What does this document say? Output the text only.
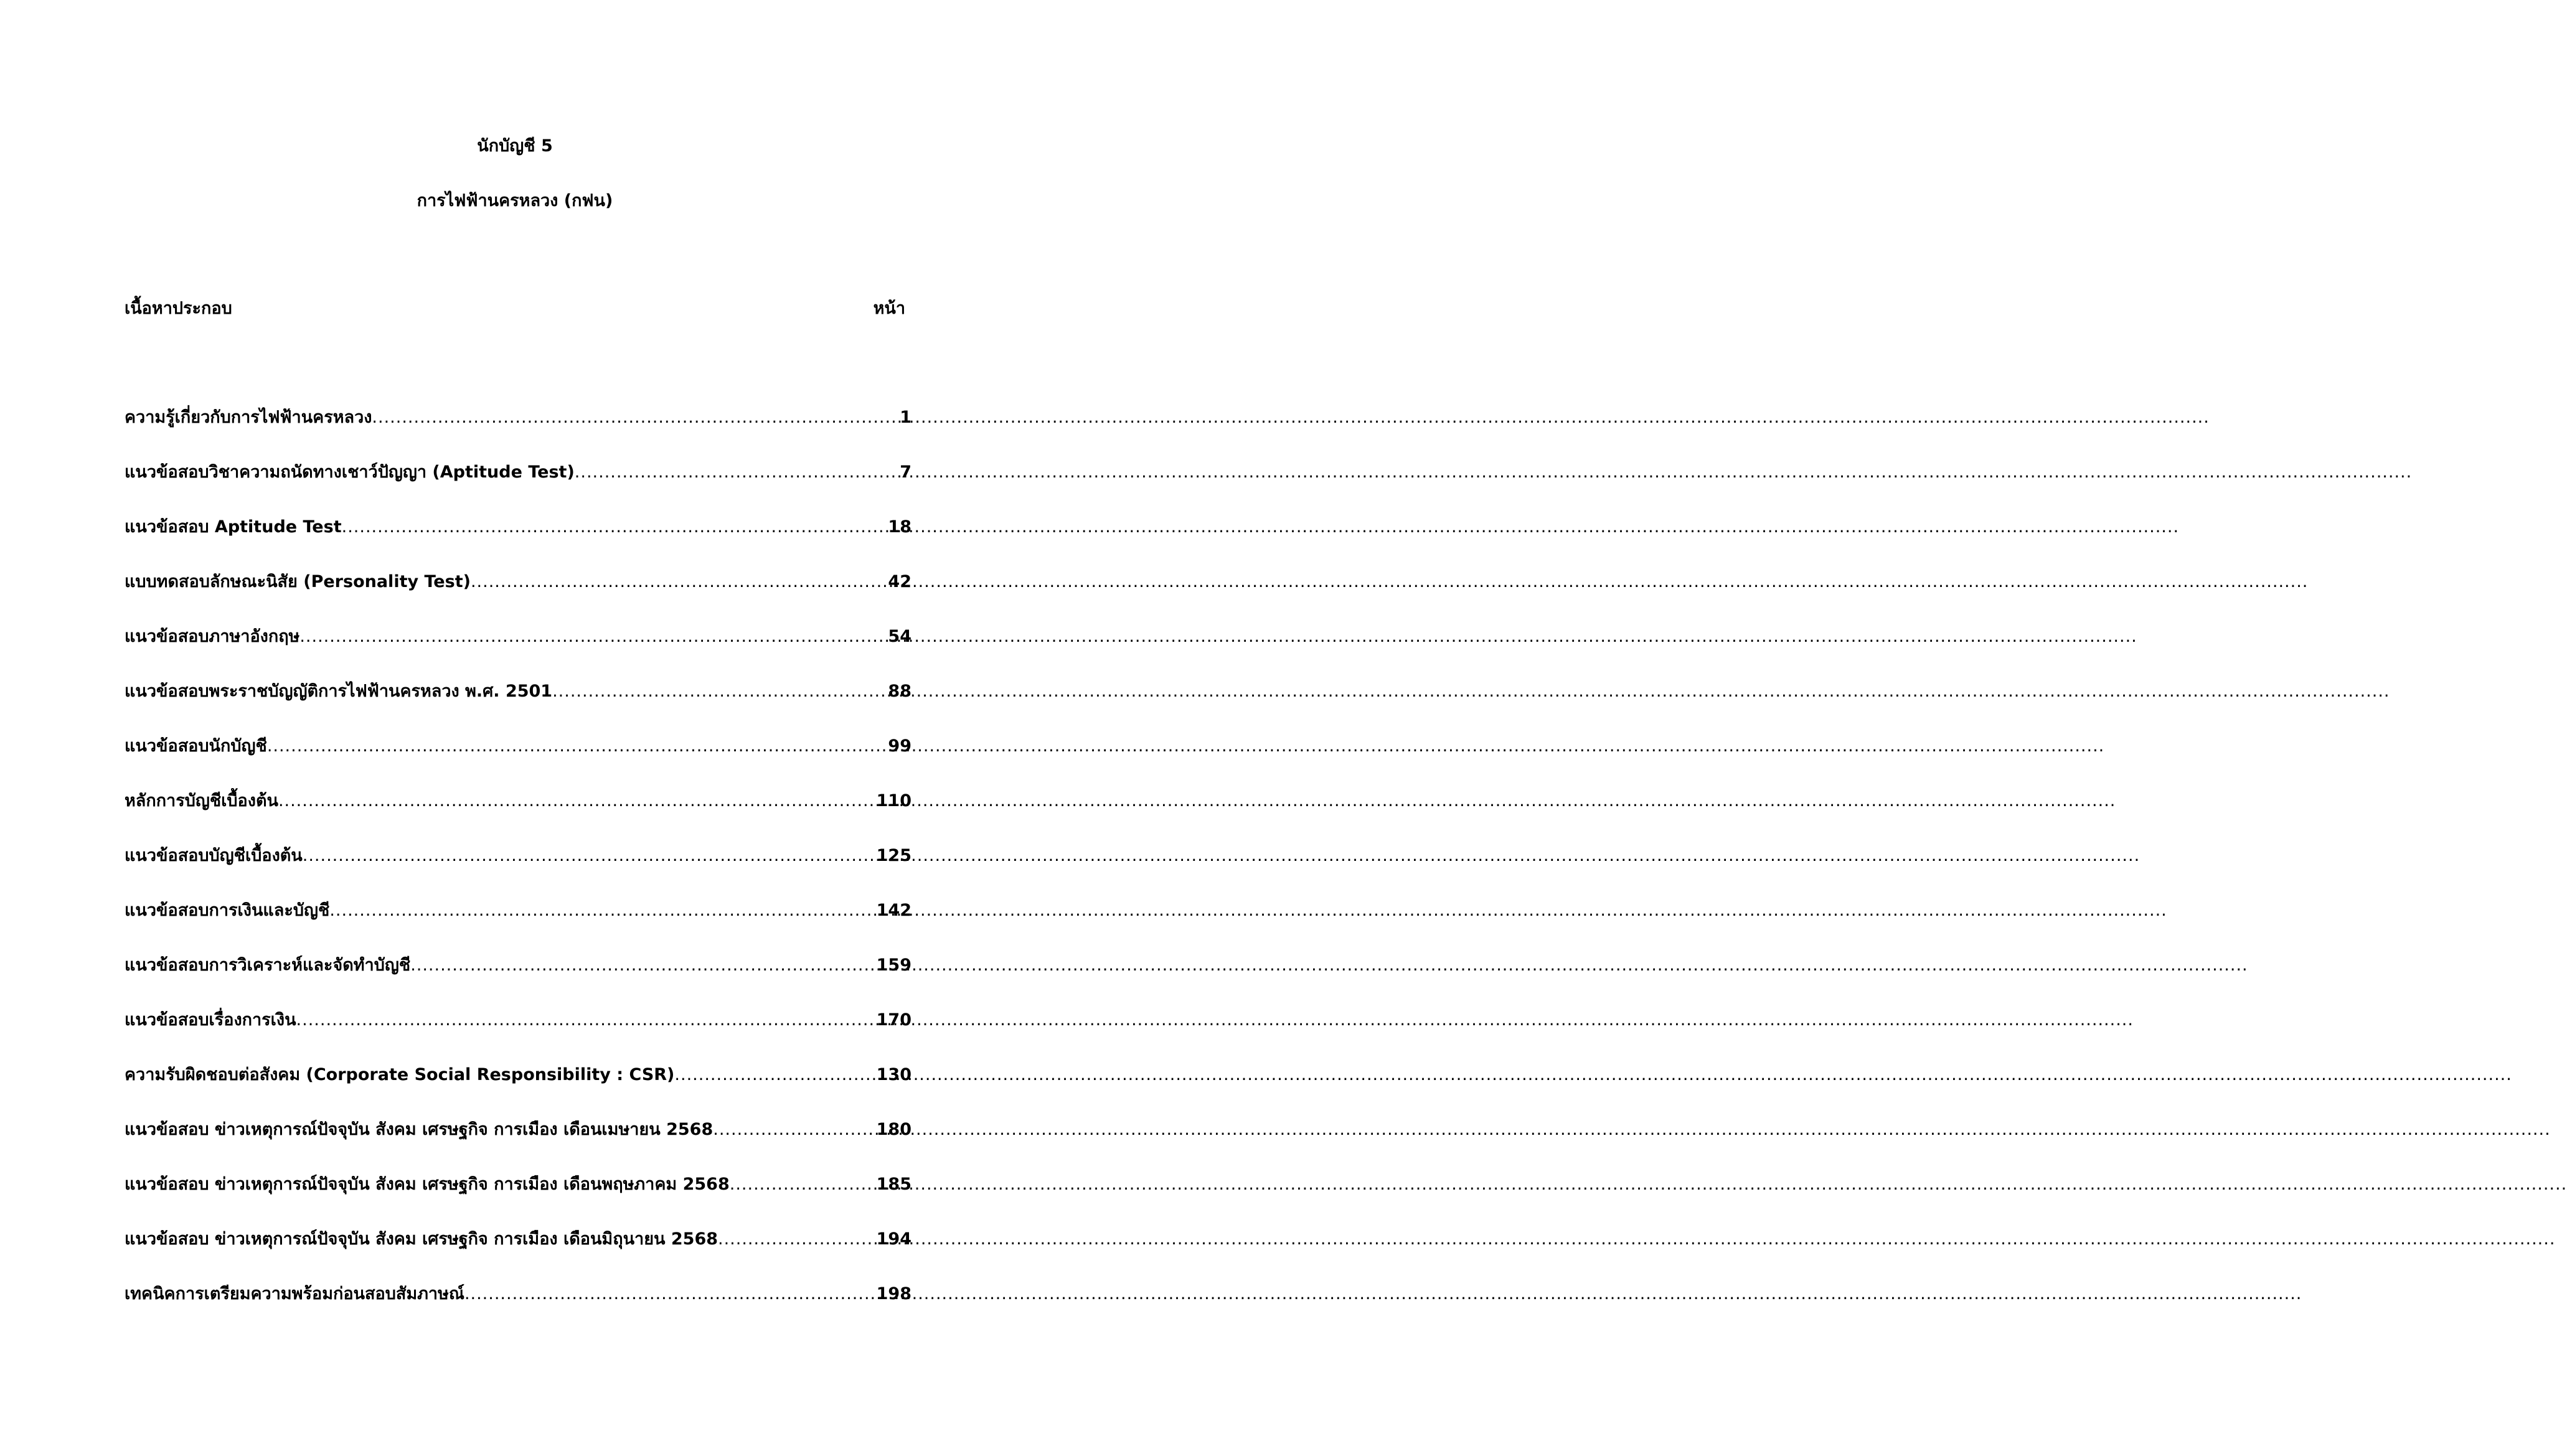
นักบัญชี 5
การไฟฟ้านครหลวง (กฟน)
เนื้อหาประกอบ	หน้า
ความรู้เกี่ยวกับการไฟฟ้านครหลวง .....	1
แนวข้อสอบวิชาความถนัดทางเชาว์ปัญญา (Aptitude Test) .....	7
แนวข้อสอบ Aptitude Test .....	18
แบบทดสอบลักษณะนิสัย (Personality Test) .....	42
แนวข้อสอบภาษาอังกฤษ .....	54
แนวข้อสอบพระราชบัญญัติการไฟฟ้านครหลวง พ.ศ. 2501 .....	88
แนวข้อสอบนักบัญชี .....	99
หลักการบัญชีเบื้องต้น .....	110
แนวข้อสอบบัญชีเบื้องต้น .....	125
แนวข้อสอบการเงินและบัญชี .....	142
แนวข้อสอบการวิเคราะห์และจัดทำบัญชี .....	159
แนวข้อสอบเรื่องการเงิน .....	170
ความรับผิดชอบต่อสังคม (Corporate Social Responsibility : CSR) .....	130
แนวข้อสอบ ข่าวเหตุการณ์ปัจจุบัน สังคม เศรษฐกิจ การเมือง เดือนเมษายน 2568 .....	180
แนวข้อสอบ ข่าวเหตุการณ์ปัจจุบัน สังคม เศรษฐกิจ การเมือง เดือนพฤษภาคม 2568 .....	185
แนวข้อสอบ ข่าวเหตุการณ์ปัจจุบัน สังคม เศรษฐกิจ การเมือง เดือนมิถุนายน 2568 .....	194
เทคนิคการเตรียมความพร้อมก่อนสอบสัมภาษณ์ .....	198
